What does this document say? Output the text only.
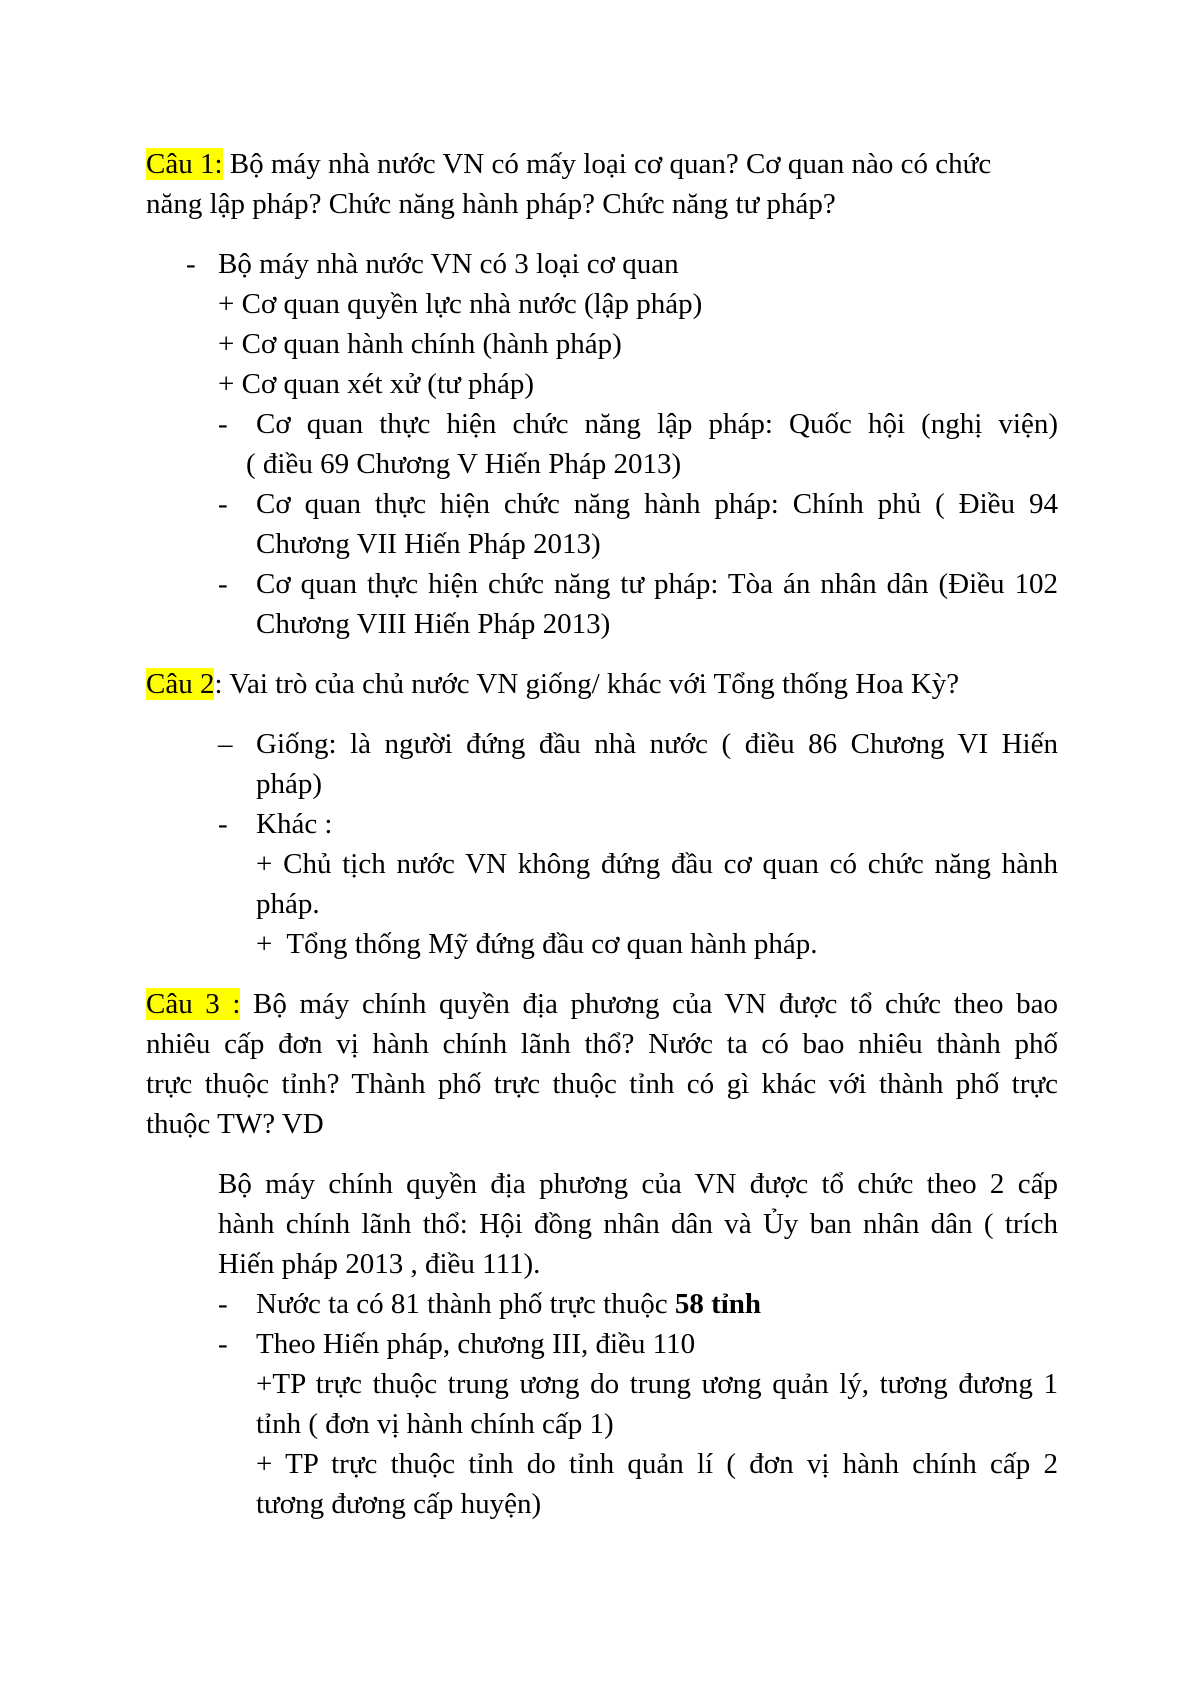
Câu 1: Bộ máy nhà nước VN có mấy loại cơ quan? Cơ quan nào có chức
năng lập pháp? Chức năng hành pháp? Chức năng tư pháp?
- Bộ máy nhà nước VN có 3 loại cơ quan
+ Cơ quan quyền lực nhà nước (lập pháp)
+ Cơ quan hành chính (hành pháp)
+ Cơ quan xét xử (tư pháp)
- Cơ quan thực hiện chức năng lập pháp: Quốc hội (nghị viện)
( điều 69 Chương V Hiến Pháp 2013)
- Cơ quan thực hiện chức năng hành pháp: Chính phủ ( Điều 94
Chương VII Hiến Pháp 2013)
- Cơ quan thực hiện chức năng tư pháp: Tòa án nhân dân (Điều 102
Chương VIII Hiến Pháp 2013)
Câu 2: Vai trò của chủ nước VN giống/ khác với Tổng thống Hoa Kỳ?
– Giống: là người đứng đầu nhà nước ( điều 86 Chương VI Hiến
pháp)
- Khác :
+ Chủ tịch nước VN không đứng đầu cơ quan có chức năng hành
pháp.
+  Tổng thống Mỹ đứng đầu cơ quan hành pháp.
Câu 3 : Bộ máy chính quyền địa phương của VN được tổ chức theo bao
nhiêu cấp đơn vị hành chính lãnh thổ? Nước ta có bao nhiêu thành phố
trực thuộc tỉnh? Thành phố trực thuộc tỉnh có gì khác với thành phố trực
thuộc TW? VD
Bộ máy chính quyền địa phương của VN được tổ chức theo 2 cấp
hành chính lãnh thổ: Hội đồng nhân dân và Ủy ban nhân dân ( trích
Hiến pháp 2013 , điều 111).
- Nước ta có 81 thành phố trực thuộc 58 tỉnh
- Theo Hiến pháp, chương III, điều 110
+TP trực thuộc trung ương do trung ương quản lý, tương đương 1
tỉnh ( đơn vị hành chính cấp 1)
+ TP trực thuộc tỉnh do tỉnh quản lí ( đơn vị hành chính cấp 2
tương đương cấp huyện)
